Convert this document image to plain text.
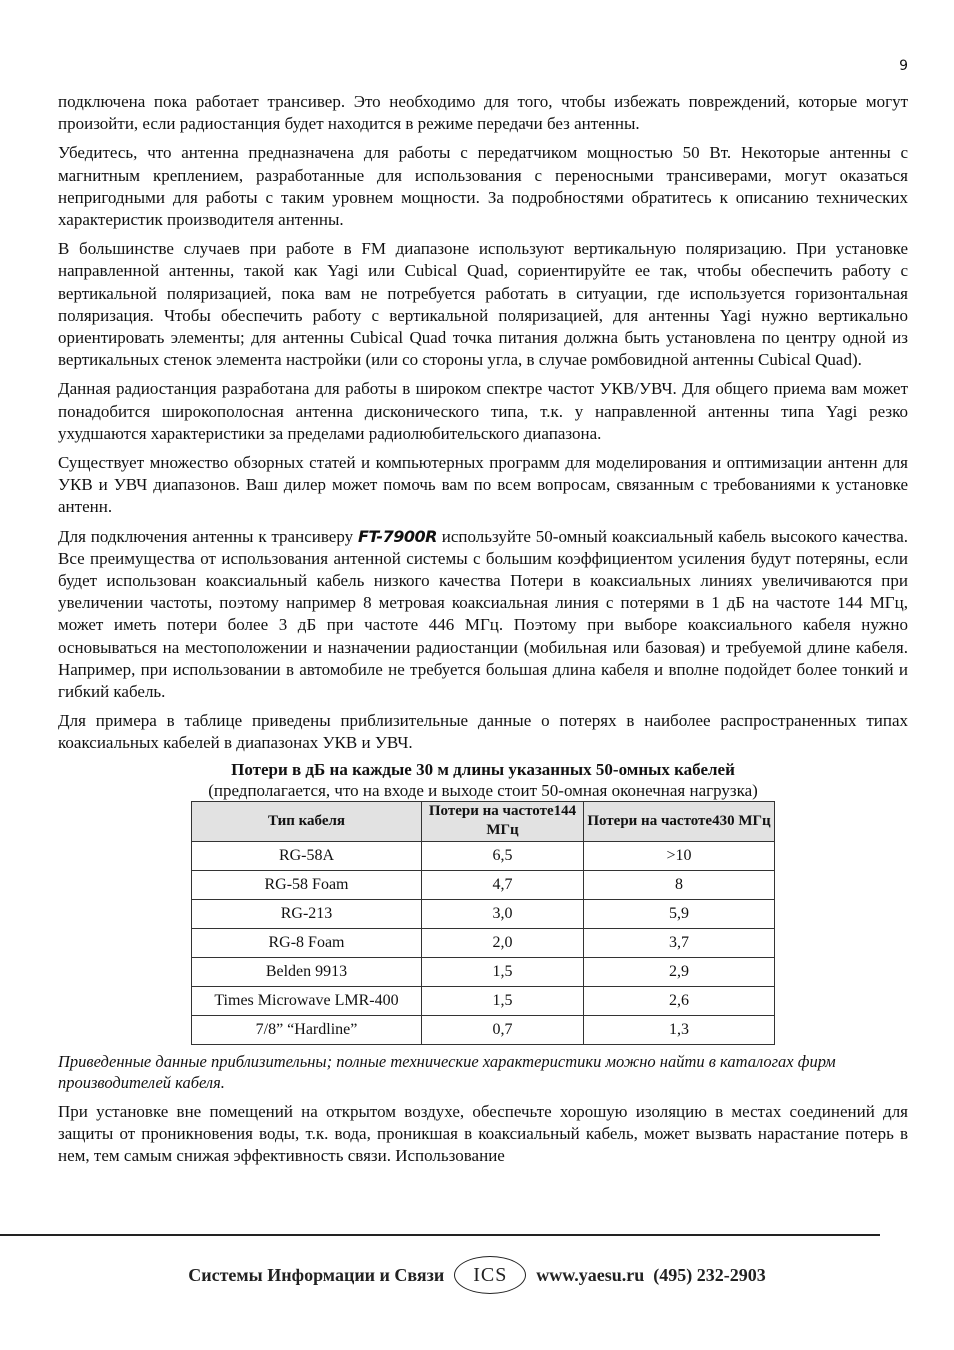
9

подключена пока работает трансивер. Это необходимо для того, чтобы избежать повреждений, которые могут произойти, если радиостанция будет находится в режиме передачи без антенны.

Убедитесь, что антенна предназначена для работы с передатчиком мощностью 50 Вт. Некоторые антенны с магнитным креплением, разработанные для использования с переносными трансиверами, могут оказаться непригодными для работы с таким уровнем мощности. За подробностями обратитесь к описанию технических характеристик производителя антенны.

В большинстве случаев при работе в FM диапазоне используют вертикальную поляризацию. При установке направленной антенны, такой как Yagi или Cubical Quad, сориентируйте ее так, чтобы обеспечить работу с вертикальной поляризацией, пока вам не потребуется работать в ситуации, где используется горизонтальная поляризация. Чтобы обеспечить работу с вертикальной поляризацией, для антенны Yagi нужно вертикально ориентировать элементы; для антенны Cubical Quad точка питания должна быть установлена по центру одной из вертикальных стенок элемента настройки (или со стороны угла, в случае ромбовидной антенны Cubical Quad).

Данная радиостанция разработана для работы в широком спектре частот УКВ/УВЧ. Для общего приема вам может понадобится широкополосная антенна дисконического типа, т.к. у направленной антенны типа Yagi резко ухудшаются характеристики за пределами радиолюбительского диапазона.

Существует множество обзорных статей и компьютерных программ для моделирования и оптимизации антенн для УКВ и УВЧ диапазонов. Ваш дилер может помочь вам по всем вопросам, связанным с требованиями к установке антенн.

Для подключения антенны к трансиверу FT-7900R используйте 50-омный коаксиальный кабель высокого качества. Все преимущества от использования антенной системы с большим коэффициентом усиления будут потеряны, если будет использован коаксиальный кабель низкого качества Потери в коаксиальных линиях увеличиваются при увеличении частоты, поэтому например 8 метровая коаксиальная линия с потерями в 1 дБ на частоте 144 МГц, может иметь потери более 3 дБ при частоте 446 МГц. Поэтому при выборе коаксиального кабеля нужно основываться на местоположении и назначении радиостанции (мобильная или базовая) и требуемой длине кабеля. Например, при использовании в автомобиле не требуется большая длина кабеля и вполне подойдет более тонкий и гибкий кабель.

Для примера в таблице приведены приблизительные данные о потерях в наиболее распространенных типах коаксиальных кабелей в диапазонах УКВ и УВЧ.

Потери в дБ на каждые 30 м длины указанных 50-омных кабелей
(предполагается, что на входе и выходе стоит 50-омная оконечная нагрузка)
Тип кабеля	Потери на частоте144 МГц	Потери на частоте430 МГц
RG-58A	6,5	>10
RG-58 Foam	4,7	8
RG-213	3,0	5,9
RG-8 Foam	2,0	3,7
Belden 9913	1,5	2,9
Times Microwave LMR-400	1,5	2,6
7/8” “Hardline”	0,7	1,3

Приведенные данные приблизительны; полные технические характеристики можно найти в каталогах фирм производителей кабеля.

При установке вне помещений на открытом воздухе, обеспечьте хорошую изоляцию в местах соединений для защиты от проникновения воды, т.к. вода, проникшая в коаксиальный кабель, может вызвать нарастание потерь в нем, тем самым снижая эффективность связи. Использование

Системы Информации и Связи	ICS	www.yaesu.ru  (495) 232-2903
